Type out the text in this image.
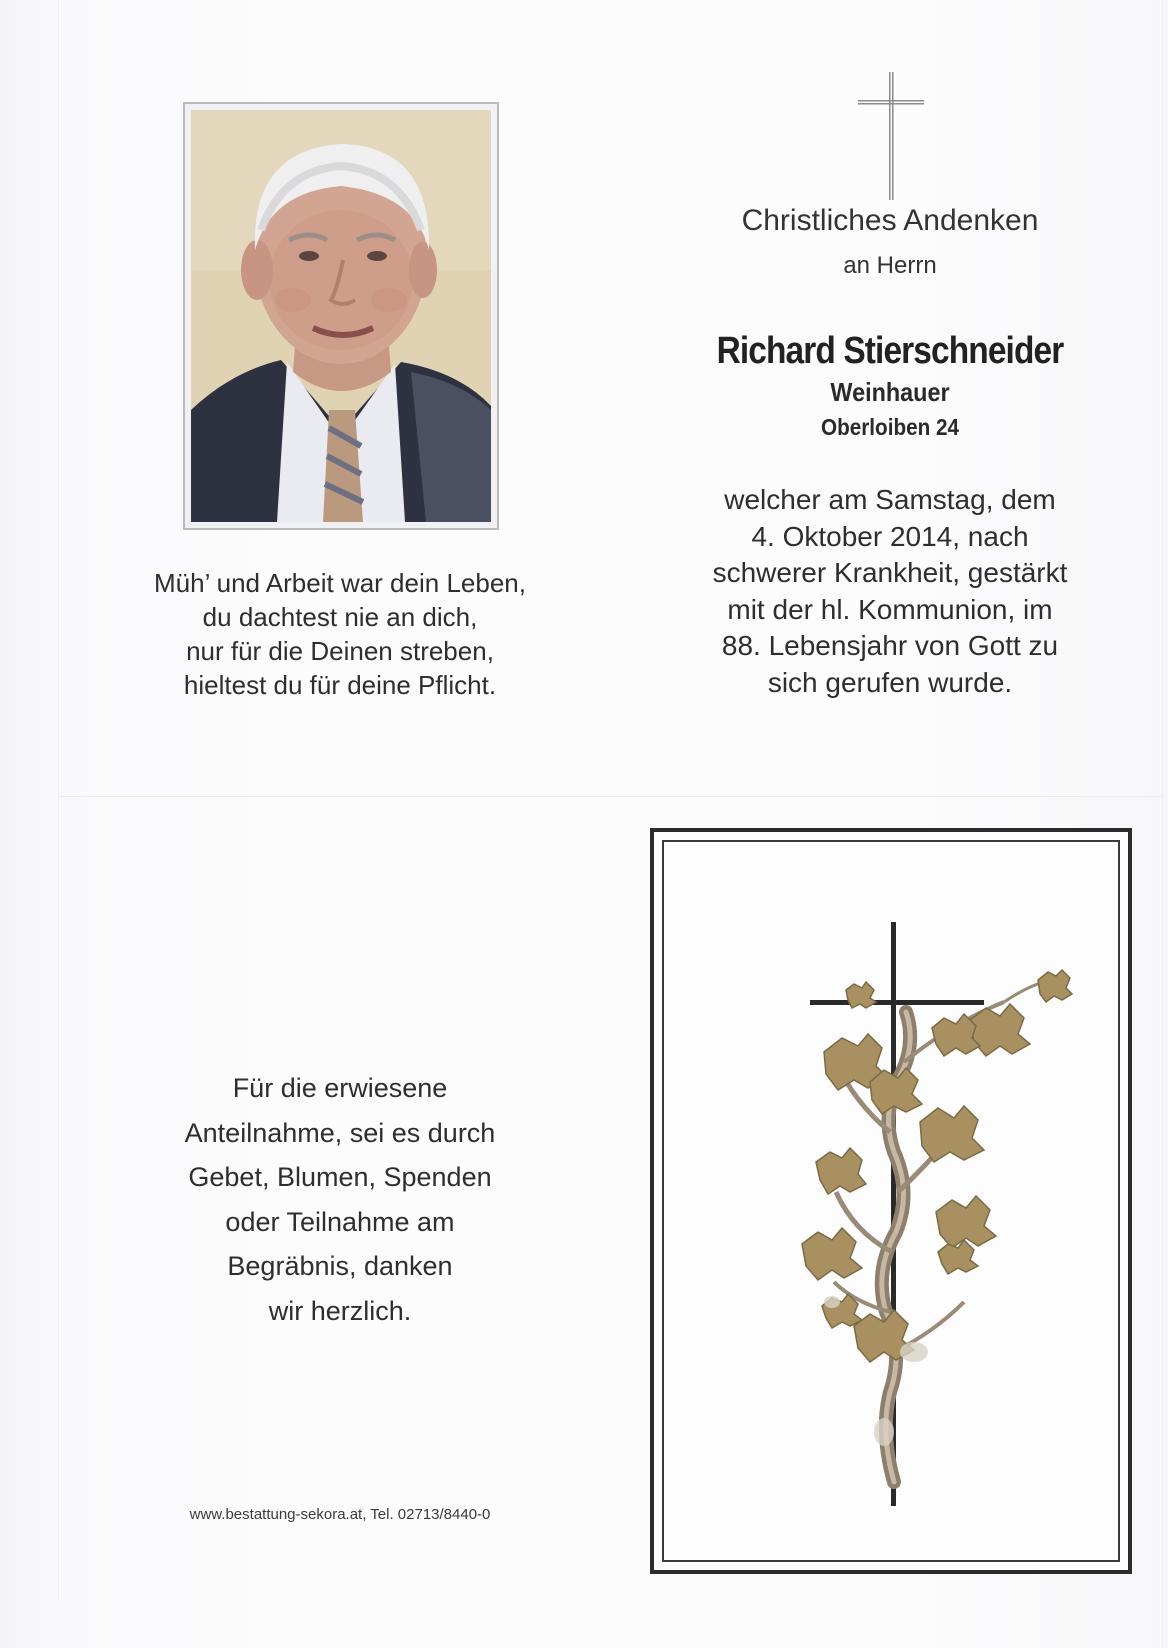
Müh’ und Arbeit war dein Leben,
du dachtest nie an dich,
nur für die Deinen streben,
hieltest du für deine Pflicht.
Christliches Andenken
an Herrn
Richard Stierschneider
Weinhauer
Oberloiben 24
welcher am Samstag, dem
4. Oktober 2014, nach
schwerer Krankheit, gestärkt
mit der hl. Kommunion, im
88. Lebensjahr von Gott zu
sich gerufen wurde.
Für die erwiesene
Anteilnahme, sei es durch
Gebet, Blumen, Spenden
oder Teilnahme am
Begräbnis, danken
wir herzlich.
www.bestattung-sekora.at, Tel. 02713/8440-0
